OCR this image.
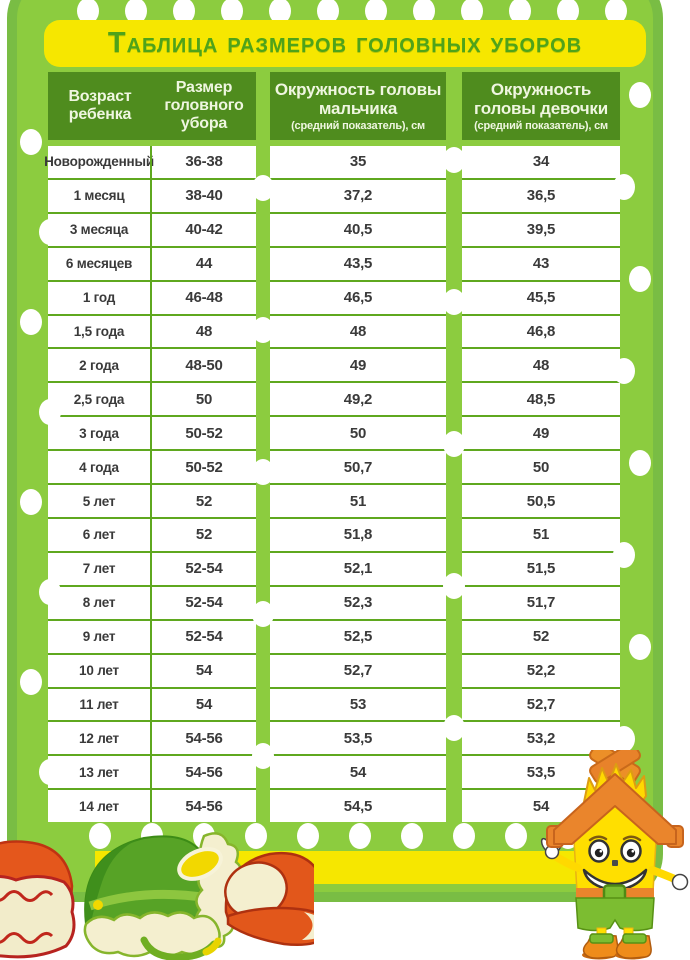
Таблица размеров головных уборов
Возраст ребенка
Размер головного убора
Окружность головы мальчика
(средний показатель), см
Окружность головы девочки
(средний показатель), см
Новорожденный
1 месяц
3 месяца
6 месяцев
1 год
1,5 года
2 года
2,5 года
3 года
4 года
5 лет
6 лет
7 лет
8 лет
9 лет
10 лет
11 лет
12 лет
13 лет
14 лет
36-38
38-40
40-42
44
46-48
48
48-50
50
50-52
50-52
52
52
52-54
52-54
52-54
54
54
54-56
54-56
54-56
35
37,2
40,5
43,5
46,5
48
49
49,2
50
50,7
51
51,8
52,1
52,3
52,5
52,7
53
53,5
54
54,5
34
36,5
39,5
43
45,5
46,8
48
48,5
49
50
50,5
51
51,5
51,7
52
52,2
52,7
53,2
53,5
54
